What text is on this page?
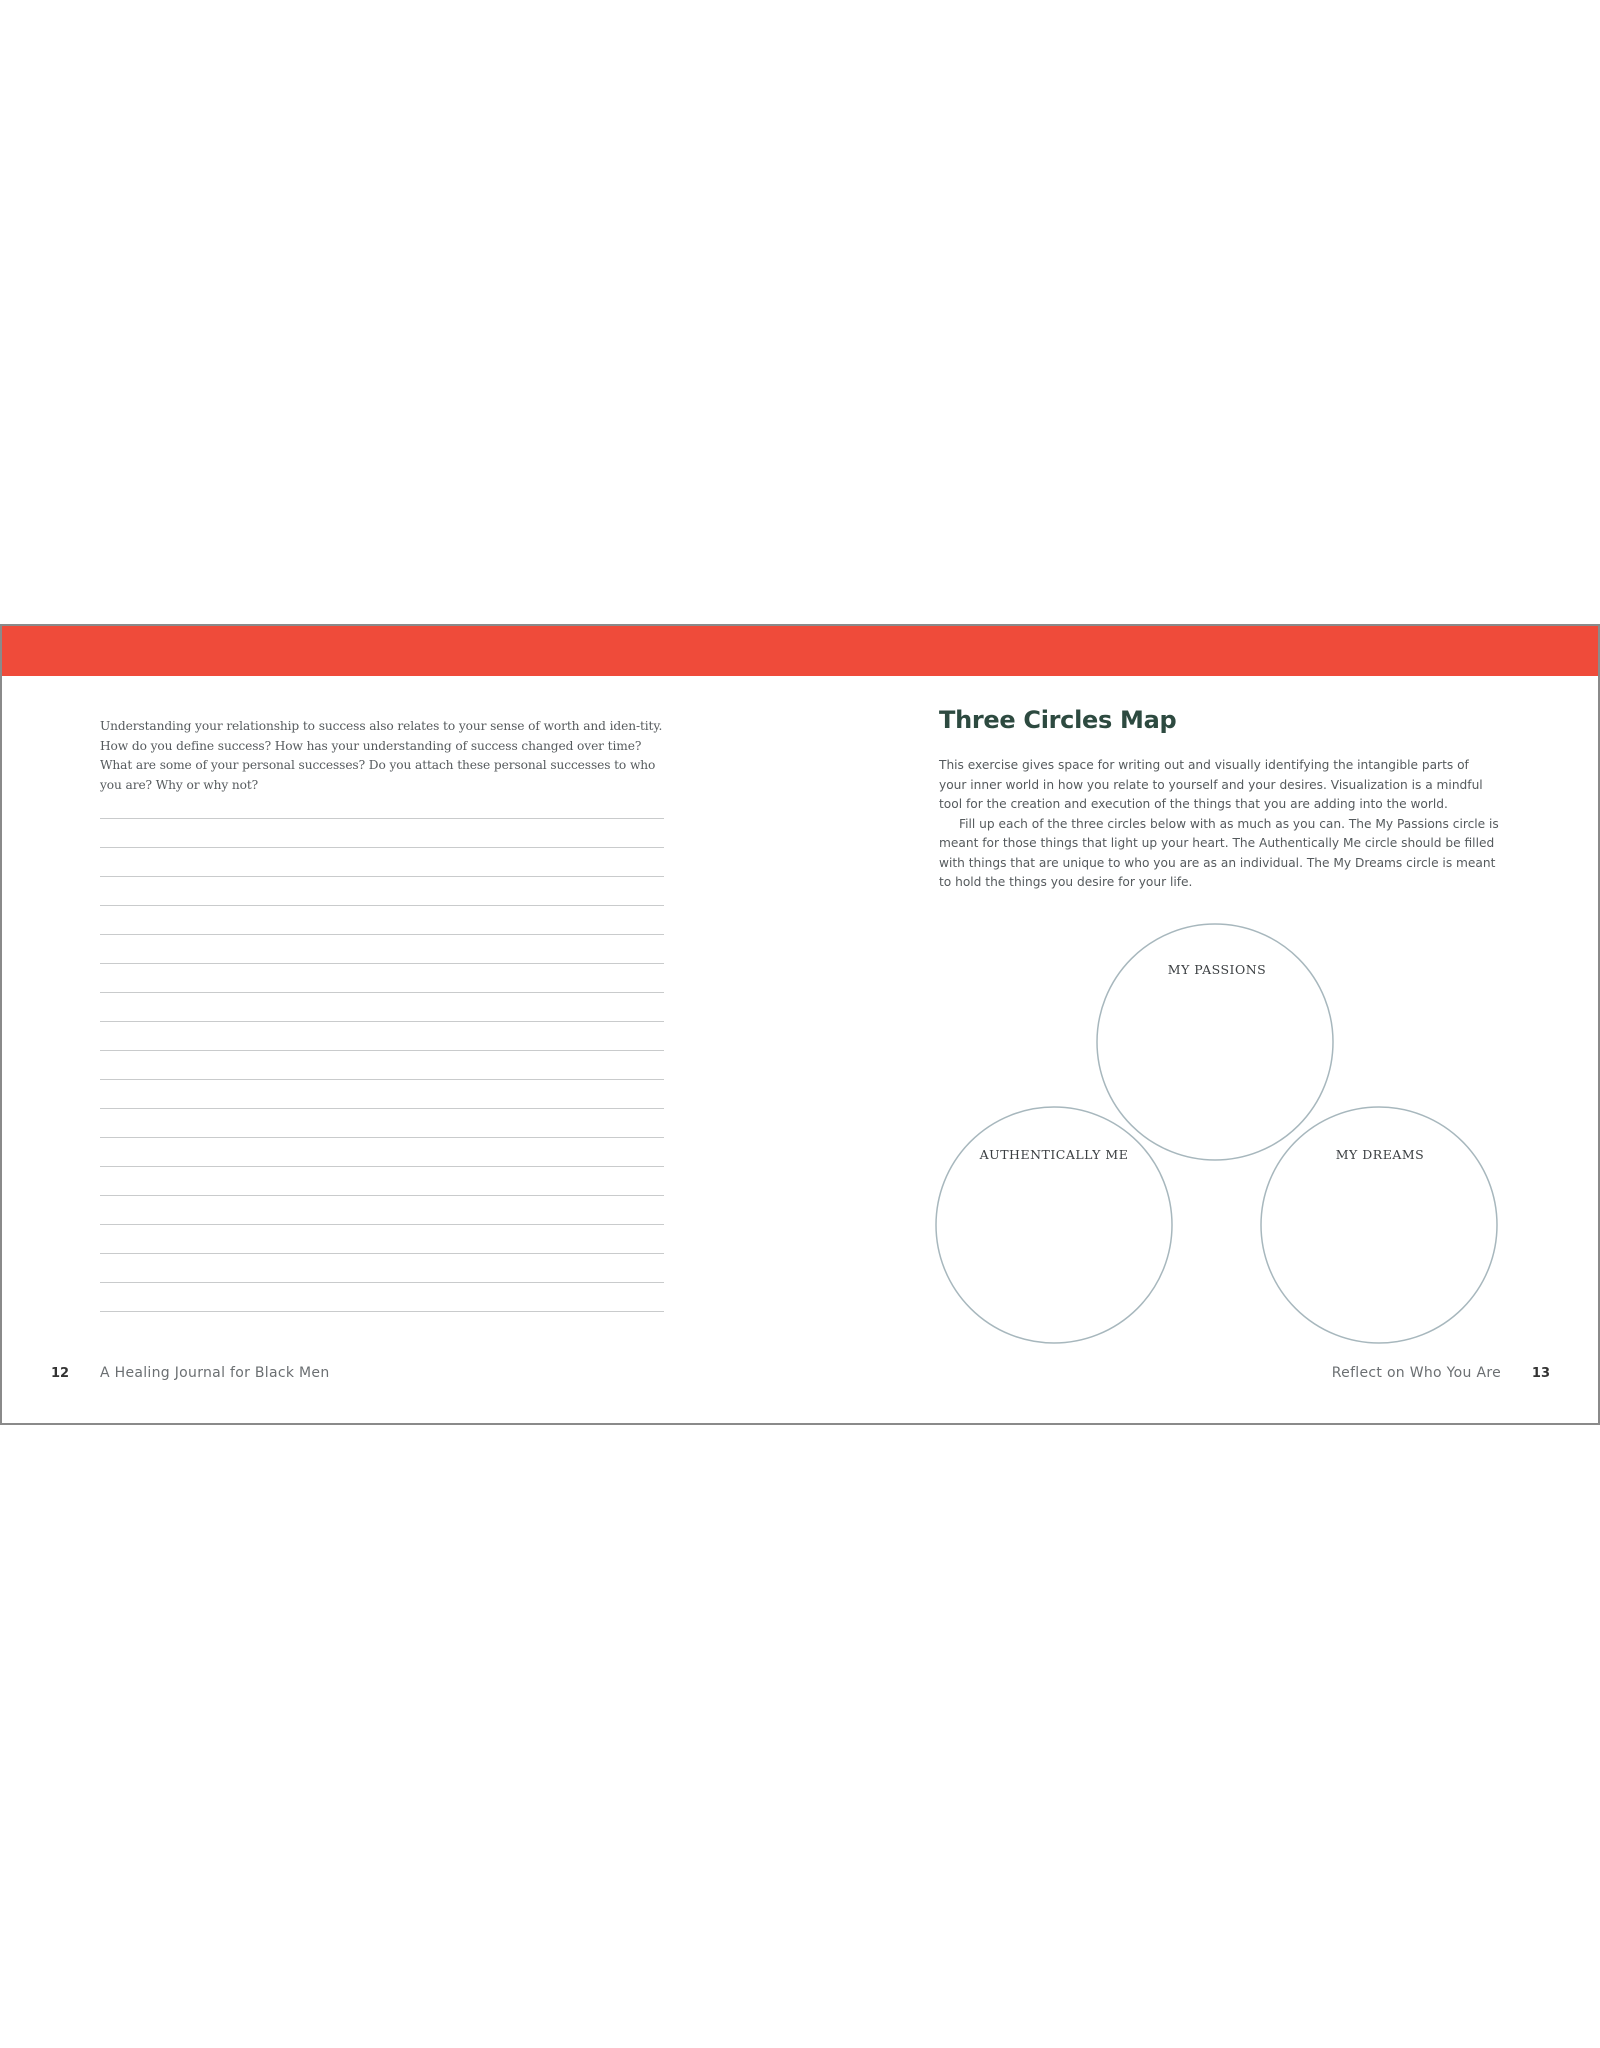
Understanding your relationship to success also relates to your sense of worth and iden-tity. How do you define success? How has your understanding of success changed over time? What are some of your personal successes? Do you attach these personal successes to who you are? Why or why not?

Three Circles Map

This exercise gives space for writing out and visually identifying the intangible parts of your inner world in how you relate to yourself and your desires. Visualization is a mindful tool for the creation and execution of the things that you are adding into the world.

Fill up each of the three circles below with as much as you can. The My Passions circle is meant for those things that light up your heart. The Authentically Me circle should be filled with things that are unique to who you are as an individual. The My Dreams circle is meant to hold the things you desire for your life.

MY PASSIONS
AUTHENTICALLY ME	MY DREAMS
12 A Healing Journal for Black Men	Reflect on Who You Are 13
